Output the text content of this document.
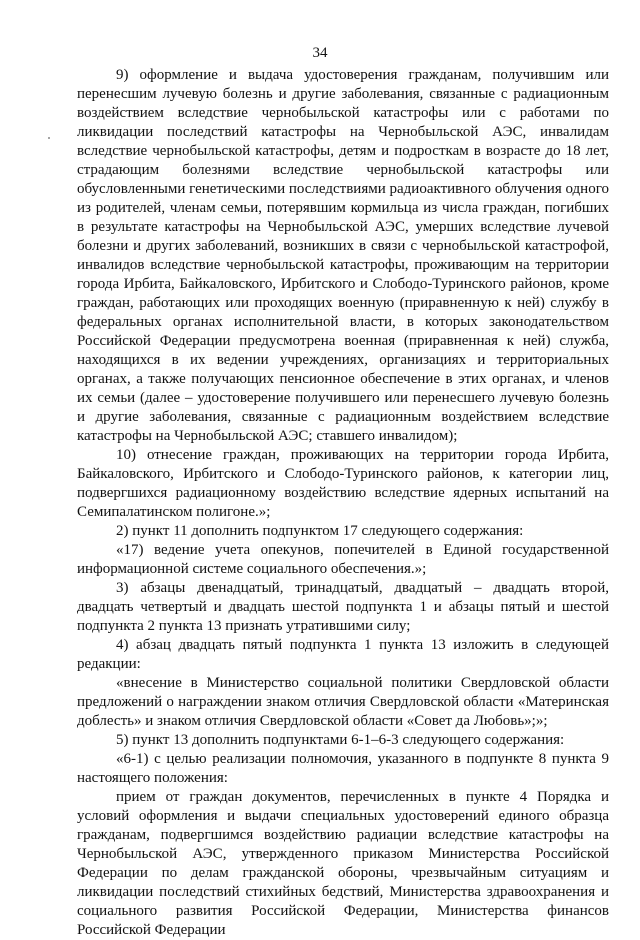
34

9) оформление и выдача удостоверения гражданам, получившим или перенесшим лучевую болезнь и другие заболевания, связанные с радиационным воздействием вследствие чернобыльской катастрофы или с работами по ликвидации последствий катастрофы на Чернобыльской АЭС, инвалидам вследствие чернобыльской катастрофы, детям и подросткам в возрасте до 18 лет, страдающим болезнями вследствие чернобыльской катастрофы или обусловленными генетическими последствиями радиоактивного облучения одного из родителей, членам семьи, потерявшим кормильца из числа граждан, погибших в результате катастрофы на Чернобыльской АЭС, умерших вследствие лучевой болезни и других заболеваний, возникших в связи с чернобыльской катастрофой, инвалидов вследствие чернобыльской катастрофы, проживающим на территории города Ирбита, Байкаловского, Ирбитского и Слободо-Туринского районов, кроме граждан, работающих или проходящих военную (приравненную к ней) службу в федеральных органах исполнительной власти, в которых законодательством Российской Федерации предусмотрена военная (приравненная к ней) служба, находящихся в их ведении учреждениях, организациях и территориальных органах, а также получающих пенсионное обеспечение в этих органах, и членов их семьи (далее – удостоверение получившего или перенесшего лучевую болезнь и другие заболевания, связанные с радиационным воздействием вследствие катастрофы на Чернобыльской АЭС; ставшего инвалидом);

10) отнесение граждан, проживающих на территории города Ирбита, Байкаловского, Ирбитского и Слободо-Туринского районов, к категории лиц, подвергшихся радиационному воздействию вследствие ядерных испытаний на Семипалатинском полигоне.»;

2) пункт 11 дополнить подпунктом 17 следующего содержания:

«17) ведение учета опекунов, попечителей в Единой государственной информационной системе социального обеспечения.»;

3) абзацы двенадцатый, тринадцатый, двадцатый – двадцать второй, двадцать четвертый и двадцать шестой подпункта 1 и абзацы пятый и шестой подпункта 2 пункта 13 признать утратившими силу;

4) абзац двадцать пятый подпункта 1 пункта 13 изложить в следующей редакции:

«внесение в Министерство социальной политики Свердловской области предложений о награждении знаком отличия Свердловской области «Материнская доблесть» и знаком отличия Свердловской области «Совет да Любовь»;»;

5) пункт 13 дополнить подпунктами 6-1–6-3 следующего содержания:

«6-1) с целью реализации полномочия, указанного в подпункте 8 пункта 9 настоящего положения:

прием от граждан документов, перечисленных в пункте 4 Порядка и условий оформления и выдачи специальных удостоверений единого образца гражданам, подвергшимся воздействию радиации вследствие катастрофы на Чернобыльской АЭС, утвержденного приказом Министерства Российской Федерации по делам гражданской обороны, чрезвычайным ситуациям и ликвидации последствий стихийных бедствий, Министерства здравоохранения и социального развития Российской Федерации, Министерства финансов Российской Федерации
